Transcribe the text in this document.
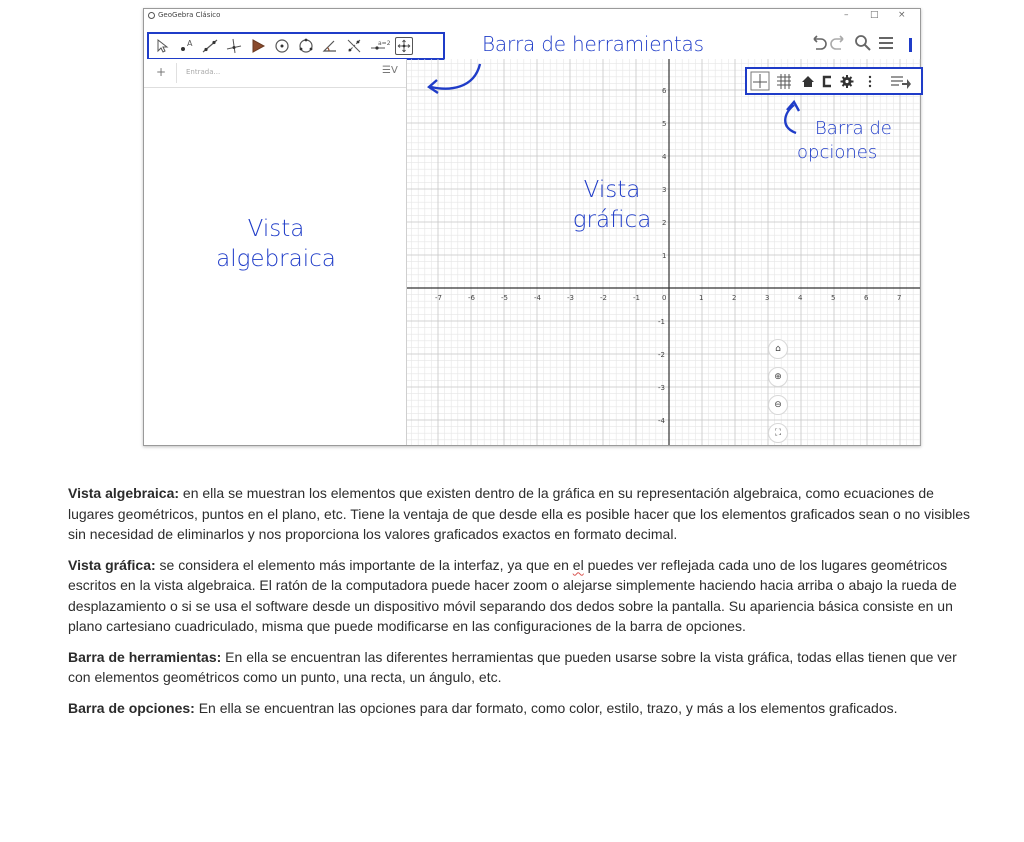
GeoGebra Clásico	– □ ×
A	a=2
+	Entrada...	☰V
Vista
algebraica
-7	-6	-5	-4	-3	-2	-1	0	1	2	3	4	5	6	7
6
5
4
3
2
1
-1
-2
-3
-4
Vista
gráfica
Barra de
opciones
⌂
⊕
⊖
⛶
Barra de herramientas

Vista algebraica: en ella se muestran los elementos que existen dentro de la gráfica en su representación algebraica, como ecuaciones de lugares geométricos, puntos en el plano, etc. Tiene la ventaja de que desde ella es posible hacer que los elementos graficados sean o no visibles sin necesidad de eliminarlos y nos proporciona los valores graficados exactos en formato decimal.

Vista gráfica: se considera el elemento más importante de la interfaz, ya que en el puedes ver reflejada cada uno de los lugares geométricos escritos en la vista algebraica. El ratón de la computadora puede hacer zoom o alejarse simplemente haciendo hacia arriba o abajo la rueda de desplazamiento o si se usa el software desde un dispositivo móvil separando dos dedos sobre la pantalla. Su apariencia básica consiste en un plano cartesiano cuadriculado, misma que puede modificarse en las configuraciones de la barra de opciones.

Barra de herramientas: En ella se encuentran las diferentes herramientas que pueden usarse sobre la vista gráfica, todas ellas tienen que ver con elementos geométricos como un punto, una recta, un ángulo, etc.

Barra de opciones: En ella se encuentran las opciones para dar formato, como color, estilo, trazo, y más a los elementos graficados.
